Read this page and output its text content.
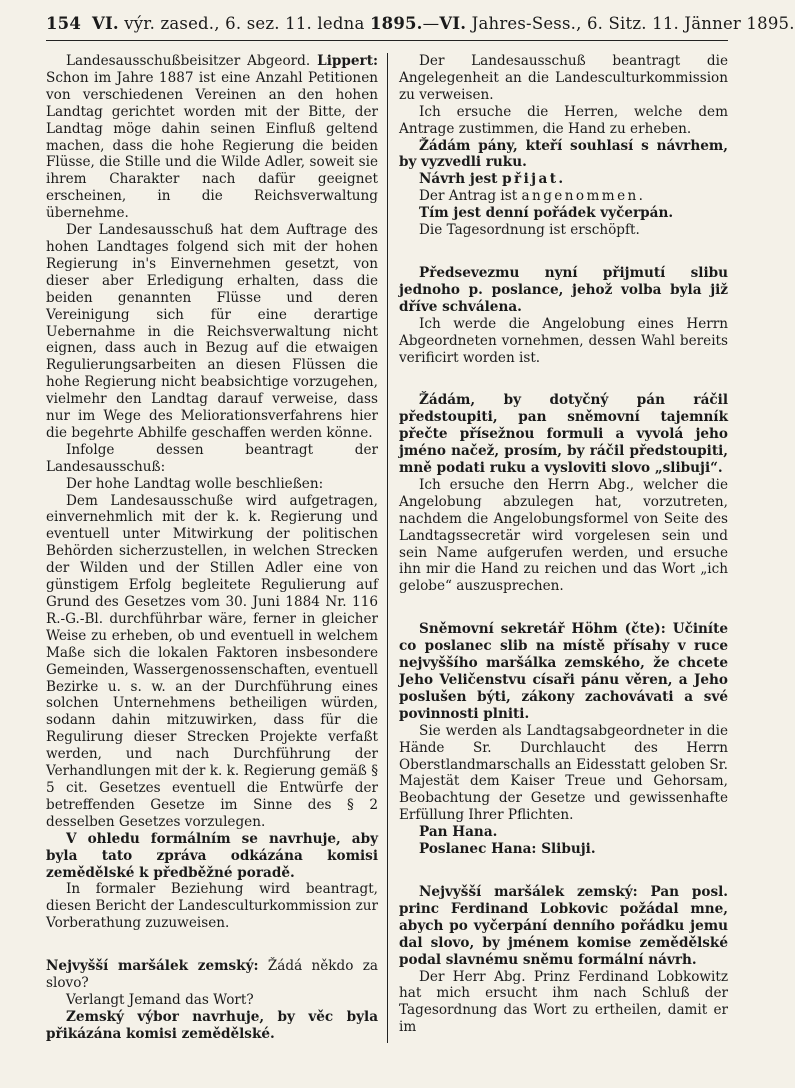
154 VI. výr. zased., 6. sez. 11. ledna 1895. — VI. Jahres-Sess., 6. Sitz. 11. Jänner 1895.

Landesausschußbeisitzer Abgeord. Lippert: Schon im Jahre 1887 ist eine Anzahl Petitionen von verschiedenen Vereinen an den hohen Landtag gerichtet worden mit der Bitte, der Landtag möge dahin seinen Einfluß geltend machen, dass die hohe Regierung die beiden Flüsse, die Stille und die Wilde Adler, soweit sie ihrem Charakter nach dafür geeignet erscheinen, in die Reichsverwaltung übernehme.

Der Landesausschuß hat dem Auftrage des hohen Landtages folgend sich mit der hohen Regierung in's Einvernehmen gesetzt, von dieser aber Erledigung erhalten, dass die beiden genannten Flüsse und deren Vereinigung sich für eine derartige Uebernahme in die Reichsverwaltung nicht eignen, dass auch in Bezug auf die etwaigen Regulierungsarbeiten an diesen Flüssen die hohe Regierung nicht beabsichtige vorzugehen, vielmehr den Landtag darauf verweise, dass nur im Wege des Meliorationsverfahrens hier die begehrte Abhilfe geschaffen werden könne.

Infolge dessen beantragt der Landesausschuß:

Der hohe Landtag wolle beschließen:

Dem Landesausschuße wird aufgetragen, einvernehmlich mit der k. k. Regierung und eventuell unter Mitwirkung der politischen Behörden sicherzustellen, in welchen Strecken der Wilden und der Stillen Adler eine von günstigem Erfolg begleitete Regulierung auf Grund des Gesetzes vom 30. Juni 1884 Nr. 116 R.-G.-Bl. durchführbar wäre, ferner in gleicher Weise zu erheben, ob und eventuell in welchem Maße sich die lokalen Faktoren insbesondere Gemeinden, Wassergenossenschaften, eventuell Bezirke u. s. w. an der Durchführung eines solchen Unternehmens betheiligen würden, sodann dahin mitzuwirken, dass für die Regulirung dieser Strecken Projekte verfaßt werden, und nach Durchführung der Verhandlungen mit der k. k. Regierung gemäß § 5 cit. Gesetzes eventuell die Entwürfe der betreffenden Gesetze im Sinne des § 2 desselben Gesetzes vorzulegen.

V ohledu formálním se navrhuje, aby byla tato zpráva odkázána komisi zemědělské k předběžné poradě.

In formaler Beziehung wird beantragt, diesen Bericht der Landesculturkommission zur Vorberathung zuzuweisen.

Nejvyšší maršálek zemský: Žádá někdo za slovo?

Verlangt Jemand das Wort?

Zemský výbor navrhuje, by věc byla přikázána komisi zemědělské.

Der Landesausschuß beantragt die Angelegenheit an die Landesculturkommission zu verweisen.

Ich ersuche die Herren, welche dem Antrage zustimmen, die Hand zu erheben.

Žádám pány, kteří souhlasí s návrhem, by vyzvedli ruku.

Návrh jest přijat.

Der Antrag ist angenommen.

Tím jest denní pořádek vyčerpán.

Die Tagesordnung ist erschöpft.

Předsevezmu nyní přijmutí slibu jednoho p. poslance, jehož volba byla již dříve schválena.

Ich werde die Angelobung eines Herrn Abgeordneten vornehmen, dessen Wahl bereits verificirt worden ist.

Žádám, by dotyčný pán ráčil předstoupiti, pan sněmovní tajemník přečte přísežnou formuli a vyvolá jeho jméno načež, prosím, by ráčil předstoupiti, mně podati ruku a vysloviti slovo „slibuji“.

Ich ersuche den Herrn Abg., welcher die Angelobung abzulegen hat, vorzutreten, nachdem die Angelobungsformel von Seite des Landtagssecretär wird vorgelesen sein und sein Name aufgerufen werden, und ersuche ihn mir die Hand zu reichen und das Wort „ich gelobe“ auszusprechen.

Sněmovní sekretář Höhm (čte): Učiníte co poslanec slib na místě přísahy v ruce nejvyššího maršálka zemského, že chcete Jeho Veličenstvu císaři pánu věren, a Jeho poslušen býti, zákony zachovávati a své povinnosti plniti.

Sie werden als Landtagsabgeordneter in die Hände Sr. Durchlaucht des Herrn Oberstlandmarschalls an Eidesstatt geloben Sr. Majestät dem Kaiser Treue und Gehorsam, Beobachtung der Gesetze und gewissenhafte Erfüllung Ihrer Pflichten.

Pan Hana.

Poslanec Hana: Slibuji.

Nejvyšší maršálek zemský: Pan posl. princ Ferdinand Lobkovic požádal mne, abych po vyčerpání denního pořádku jemu dal slovo, by jménem komise zemědělské podal slavnému sněmu formální návrh.

Der Herr Abg. Prinz Ferdinand Lobkowitz hat mich ersucht ihm nach Schluß der Tagesordnung das Wort zu ertheilen, damit er im
